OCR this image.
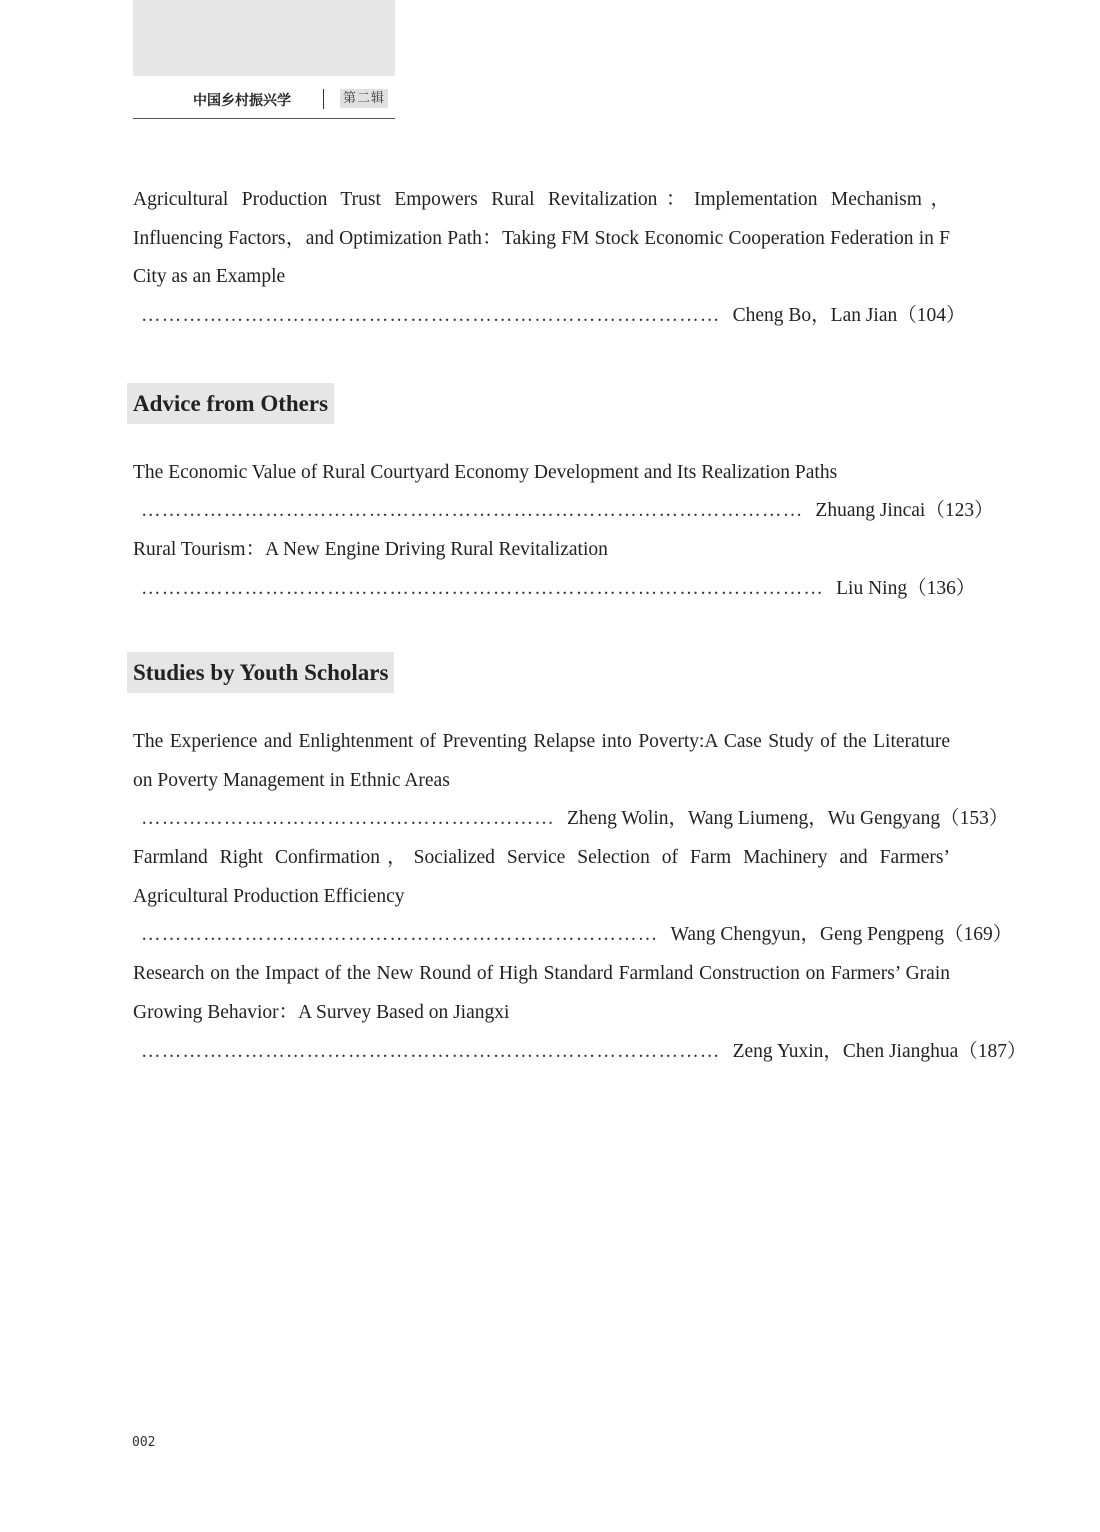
中国乡村振兴学	第二辑
Agricultural Production Trust Empowers Rural Revitalization：Implementation Mechanism，Influencing Factors，and Optimization Path：Taking FM Stock Economic Cooperation Federation in F City as an Example
………………………………………………………………………… Cheng Bo，Lan Jian（104）
Advice from Others
The Economic Value of Rural Courtyard Economy Development and Its Realization Paths
…………………………………………………………………………………… Zhuang Jincai（123）
Rural Tourism：A New Engine Driving Rural Revitalization
……………………………………………………………………………………… Liu Ning（136）
Studies by Youth Scholars
The Experience and Enlightenment of Preventing Relapse into Poverty:A Case Study of the Literature on Poverty Management in Ethnic Areas
…………………………………………………… Zheng Wolin，Wang Liumeng，Wu Gengyang（153）
Farmland Right Confirmation，Socialized Service Selection of Farm Machinery and Farmers’ Agricultural Production Efficiency
………………………………………………………………… Wang Chengyun，Geng Pengpeng（169）
Research on the Impact of the New Round of High Standard Farmland Construction on Farmers’ Grain Growing Behavior：A Survey Based on Jiangxi
………………………………………………………………………… Zeng Yuxin，Chen Jianghua（187）
002
